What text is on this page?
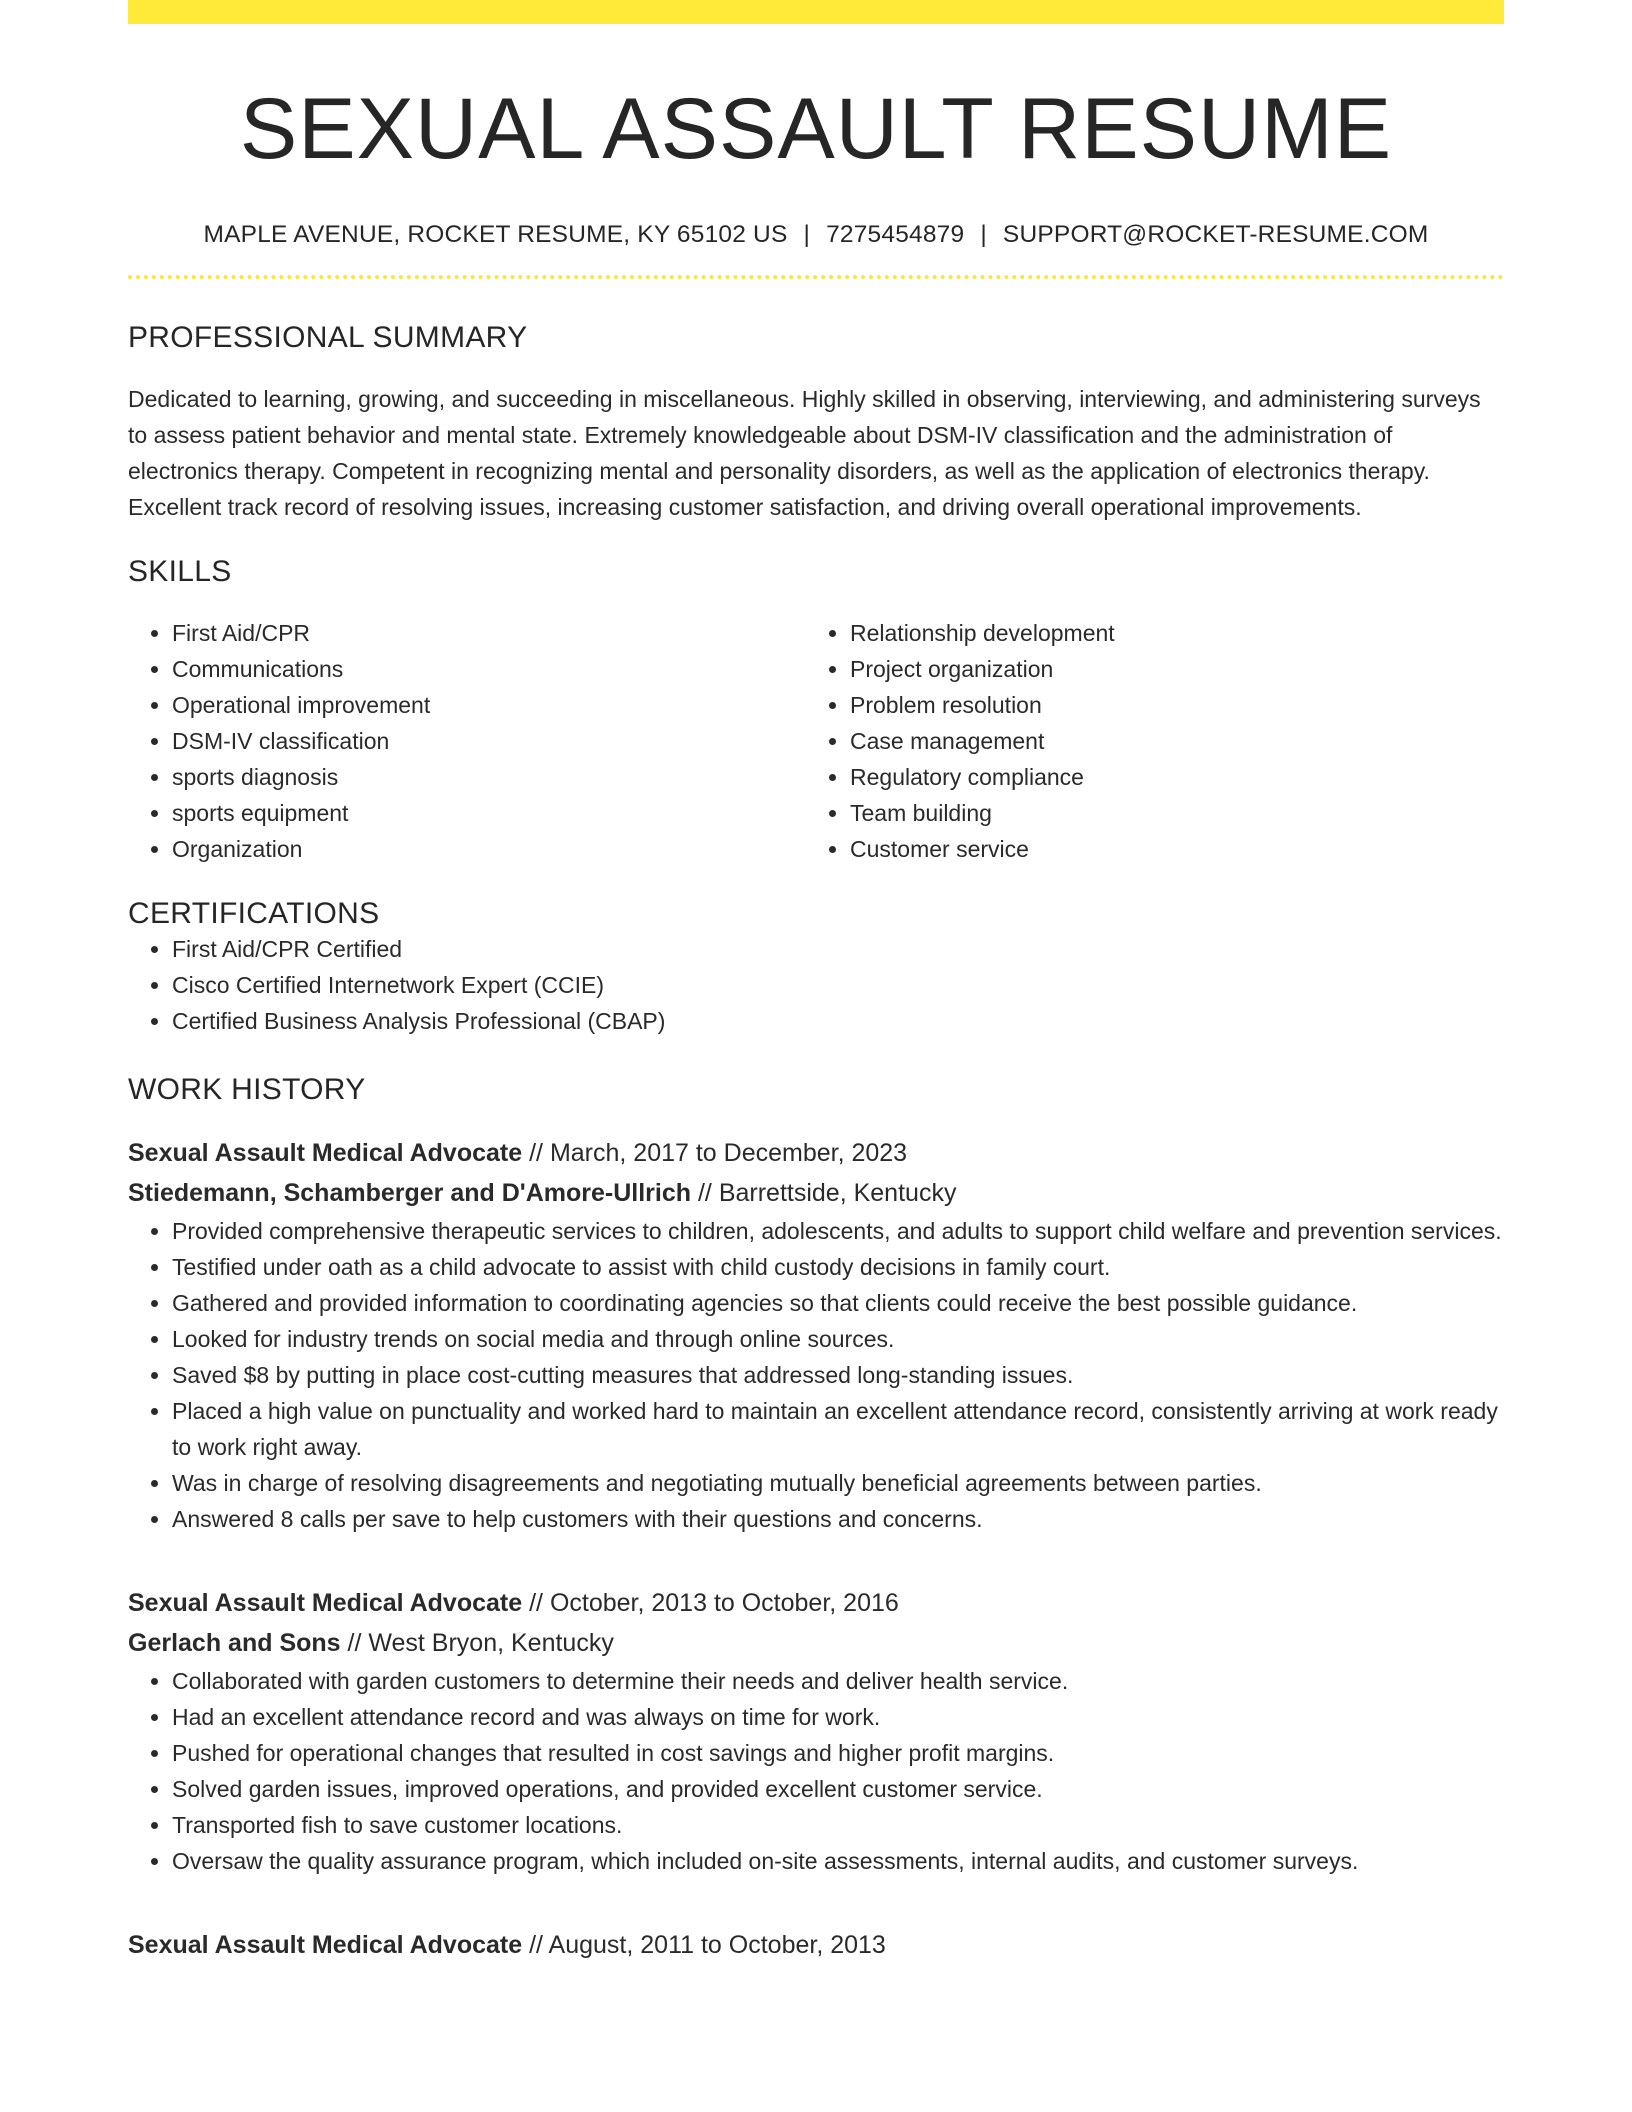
SEXUAL ASSAULT RESUME
MAPLE AVENUE, ROCKET RESUME, KY 65102 US | 7275454879 | SUPPORT@ROCKET-RESUME.COM
PROFESSIONAL SUMMARY
Dedicated to learning, growing, and succeeding in miscellaneous. Highly skilled in observing, interviewing, and administering surveys to assess patient behavior and mental state. Extremely knowledgeable about DSM-IV classification and the administration of electronics therapy. Competent in recognizing mental and personality disorders, as well as the application of electronics therapy. Excellent track record of resolving issues, increasing customer satisfaction, and driving overall operational improvements.
SKILLS
• First Aid/CPR
• Communications
• Operational improvement
• DSM-IV classification
• sports diagnosis
• sports equipment
• Organization
• Relationship development
• Project organization
• Problem resolution
• Case management
• Regulatory compliance
• Team building
• Customer service
CERTIFICATIONS
• First Aid/CPR Certified
• Cisco Certified Internetwork Expert (CCIE)
• Certified Business Analysis Professional (CBAP)
WORK HISTORY
Sexual Assault Medical Advocate // March, 2017 to December, 2023
Stiedemann, Schamberger and D'Amore-Ullrich // Barrettside, Kentucky
• Provided comprehensive therapeutic services to children, adolescents, and adults to support child welfare and prevention services.
• Testified under oath as a child advocate to assist with child custody decisions in family court.
• Gathered and provided information to coordinating agencies so that clients could receive the best possible guidance.
• Looked for industry trends on social media and through online sources.
• Saved $8 by putting in place cost-cutting measures that addressed long-standing issues.
• Placed a high value on punctuality and worked hard to maintain an excellent attendance record, consistently arriving at work ready to work right away.
• Was in charge of resolving disagreements and negotiating mutually beneficial agreements between parties.
• Answered 8 calls per save to help customers with their questions and concerns.
Sexual Assault Medical Advocate // October, 2013 to October, 2016
Gerlach and Sons // West Bryon, Kentucky
• Collaborated with garden customers to determine their needs and deliver health service.
• Had an excellent attendance record and was always on time for work.
• Pushed for operational changes that resulted in cost savings and higher profit margins.
• Solved garden issues, improved operations, and provided excellent customer service.
• Transported fish to save customer locations.
• Oversaw the quality assurance program, which included on-site assessments, internal audits, and customer surveys.
Sexual Assault Medical Advocate // August, 2011 to October, 2013
